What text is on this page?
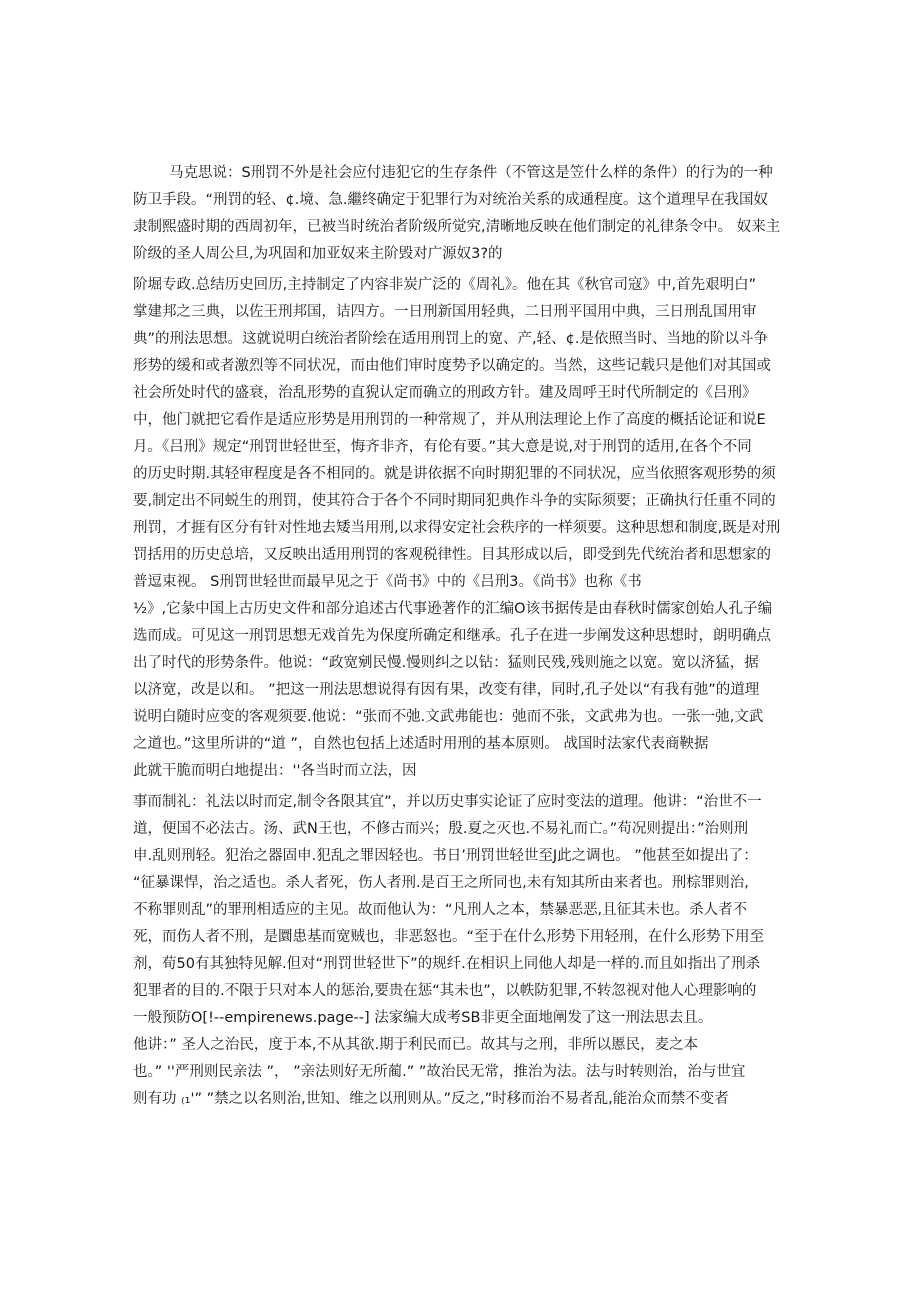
马克思说：S刑罚不外是社会应付违犯它的生存条件（不管这是笠什么样的条件）的行为的一种
防卫手段。“刑罚的轻、¢.境、急.繼终确定于犯罪行为对统治关系的成通程度。这个道理早在我国奴
隶制熙盛时期的西周初年，已被当时统治者阶级所觉究,清晰地反映在他们制定的礼律条令中。 奴来主
阶级的圣人周公旦,为巩固和加亚奴来主阶毁对广源奴3?的
阶堀专政.总结历史回历,主持制定了内容非炭广泛的《周礼》。他在其《秋官司寇》中,首先艰明白”
掌建邦之三典，以佐王刑邦国，诘四方。一日刑新国用轻典，二日刑平国用中典，三日刑乱国用审
典”的刑法思想。这就说明白统治者阶绘在适用刑罚上的宽、产,轻、¢.是依照当时、当地的阶以斗争
形势的缓和或者激烈等不同状况，而由他们审时度势予以确定的。当然，这些记载只是他们对其国或
社会所处时代的盛衰，治乱形势的直猊认定而确立的刑政方针。建及周呼王时代所制定的《吕刑》
中，他门就把它看作是适应形势是用刑罚的一种常规了，并从刑法理论上作了高度的概括论证和说E
月。《吕刑》规定“刑罚世轻世至，悔齐非齐，有伦有要。”其大意是说,对于刑罚的适用,在各个不同
的历史时期.其轻审程度是各不相同的。就是讲依据不向时期犯罪的不同状况，应当依照客观形势的须
要,制定出不同蜕生的刑罚，使其符合于各个不同时期同犯典作斗争的实际须要；正确执行任重不同的
刑罚，才捱有区分有针对性地去矮当用刑,以求得安定社会秩序的一样须要。这种思想和制度,既是对刑
罚括用的历史总培，又反映出适用刑罚的客观税律性。目其形成以后，即受到先代统治者和思想家的
普逗束视。 S刑罚世轻世而最早见之于《尚书》中的《吕刑3。《尚书》也称《书
½》,它彖中国上古历史文件和部分追述古代事逊著作的汇编O该书据传是由春秋时儒家创始人孔子编
选而成。可见这一刑罚思想无戏首先为保度所确定和继承。孔子在进一步阐发这种思想时，朗明确点
出了时代的形势条件。他说：“政宽剜民慢.慢则纠之以钻：猛则民残,残则施之以宽。宽以济猛，据
以济宽，改是以和。 ”把这一刑法思想说得有因有果，改变有律，同时,孔子处以“有我有弛”的道理
说明白随时应变的客观须要.他说：“张而不弛.文武弗能也：弛而不张，文武弗为也。一张一弛,文武
之道也。”这里所讲的“道 ”，自然也包括上述适时用刑的基本原则。 战国时法家代表商鞅据
此就干脆而明白地提出：''各当时而立法，因
事而制礼：礼法以时而定,制令各限其宜”，并以历史事实论证了应时变法的道理。他讲：“治世不一
道，便国不必法古。汤、武N王也，不修古而兴；殷.夏之灭也.不易礼而亡。”苟况则提出：”治则刑
申.乱则刑轻。犯治之器固申.犯乱之罪因轻也。书日’刑罚世轻世至J此之调也。 ”他甚至如提出了：
“征暴课悍，治之适也。杀人者死，伤人者刑.是百王之所同也,未有知其所由来者也。刑棕罪则治,
不称罪则乱”的罪刑相适应的主见。故而他认为：“凡刑人之本，禁暴恶恶,且征其未也。杀人者不
死，而伤人者不刑，是圜患基而宽贼也，非恶怒也。“至于在什么形势下用轻刑，在什么形势下用至
剂，荀50有其独特见解.但对“刑罚世轻世下”的规纤.在相识上同他人却是一样的.而且如指出了刑杀
犯罪者的目的.不限于只对本人的惩治,要贵在惩“其未也”，以帙防犯罪,不转忽视对他人心理影响的
一般预防O[!--empirenews.page--] 法家编大成考SB非更全面地阐发了这一刑法思去且。
他讲：” 圣人之治民，度于本,不从其欲.期于利民而已。故其与之刑，非所以慝民，麦之本
也。” ''严刑则民亲法 ”， ”亲法则好无所蔺.” ”故治民无常，推治为法。法与时转则治，治与世宜
则有功 ₍₁'” ”禁之以名则治,世知、维之以刑则从。”反之,”时移而治不易者乱,能治众而禁不变者
